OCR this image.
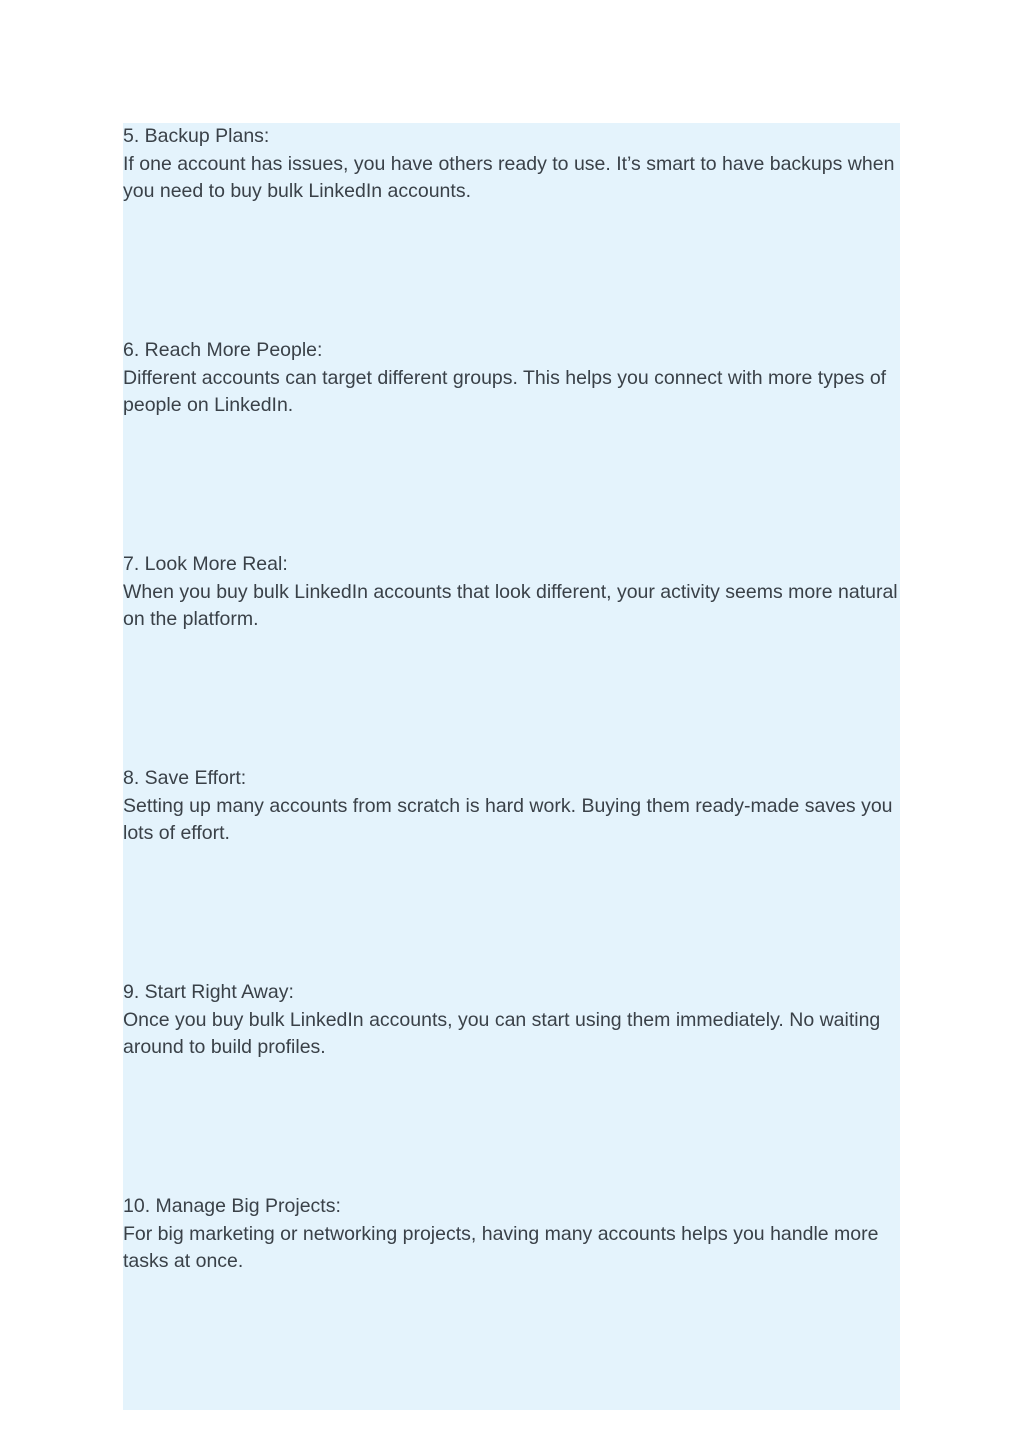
5. Backup Plans:

If one account has issues, you have others ready to use. It’s smart to have backups when you need to buy bulk LinkedIn accounts.

6. Reach More People:

Different accounts can target different groups. This helps you connect with more types of people on LinkedIn.

7. Look More Real:

When you buy bulk LinkedIn accounts that look different, your activity seems more natural on the platform.

8. Save Effort:

Setting up many accounts from scratch is hard work. Buying them ready-made saves you lots of effort.

9. Start Right Away:

Once you buy bulk LinkedIn accounts, you can start using them immediately. No waiting around to build profiles.

10. Manage Big Projects:

For big marketing or networking projects, having many accounts helps you handle more tasks at once.
